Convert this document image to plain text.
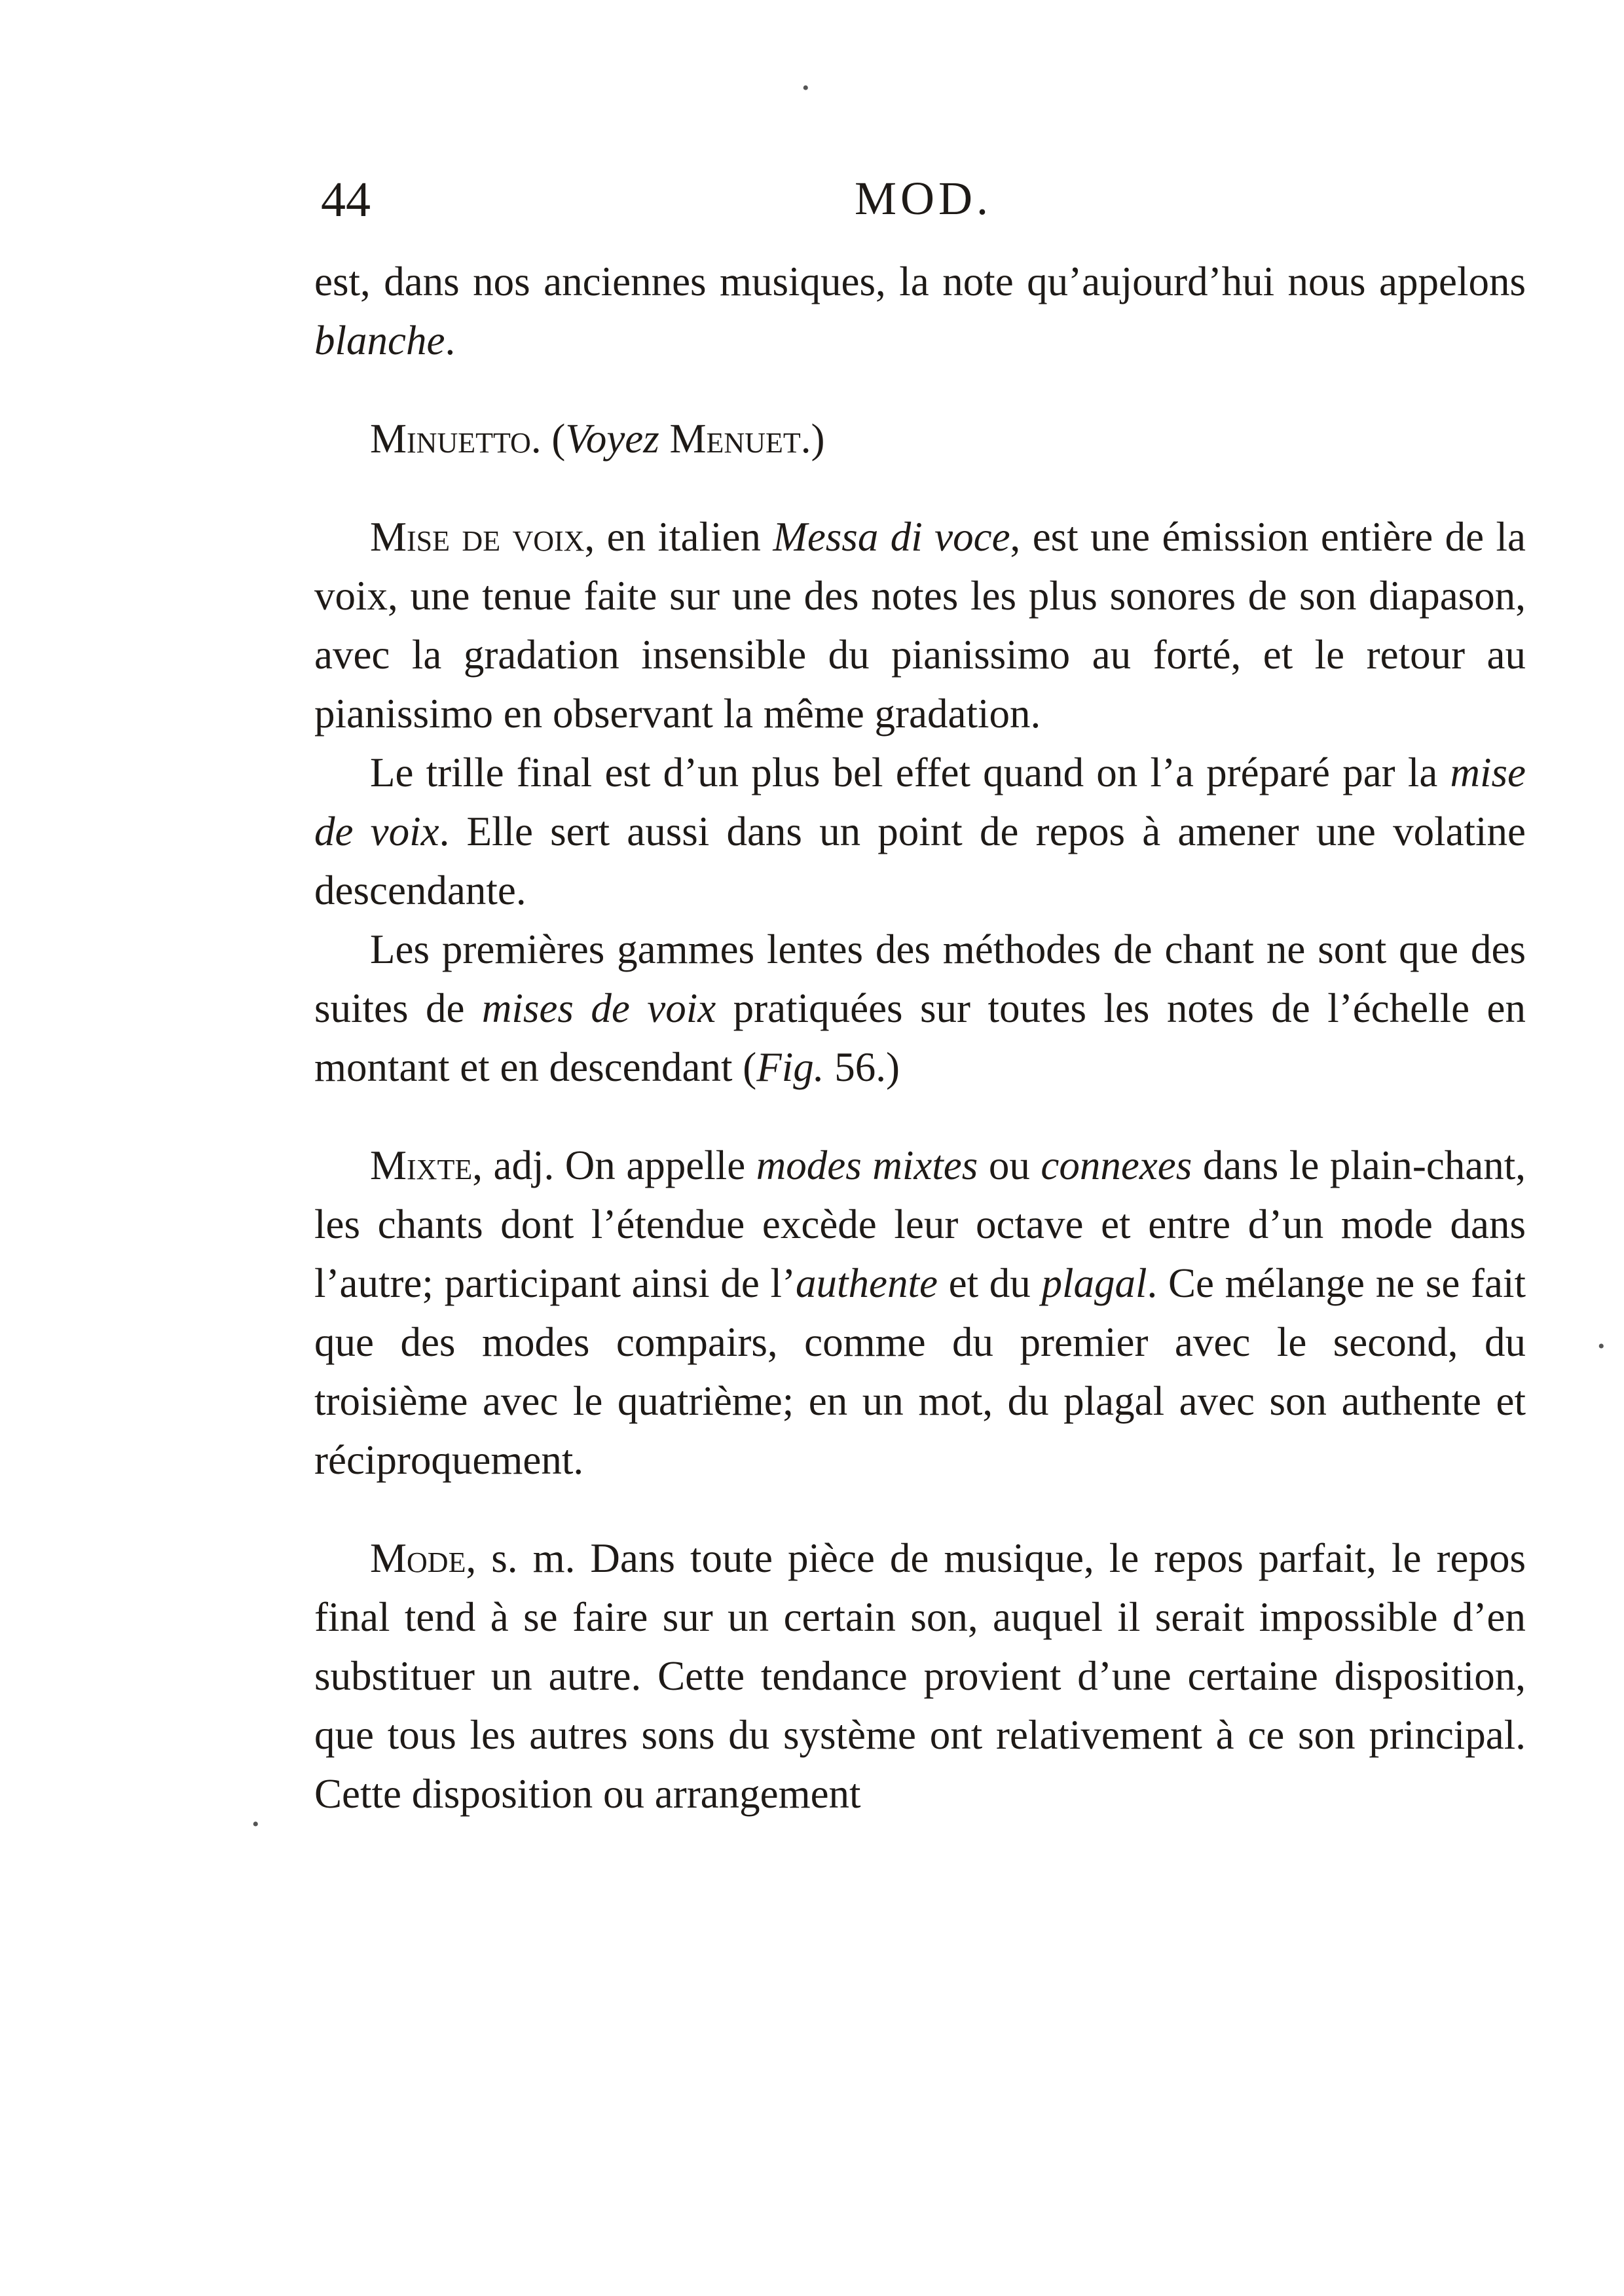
44	MOD.

est, dans nos anciennes musiques, la note qu’aujourd’hui nous appelons blanche.

Minuetto. (Voyez Menuet.)

Mise de voix, en italien Messa di voce, est une émission entière de la voix, une tenue faite sur une des notes les plus sonores de son diapason, avec la gradation insensible du pianissimo au forté, et le retour au pianissimo en observant la même gradation.

Le trille final est d’un plus bel effet quand on l’a préparé par la mise de voix. Elle sert aussi dans un point de repos à amener une volatine descendante.

Les premières gammes lentes des méthodes de chant ne sont que des suites de mises de voix pratiquées sur toutes les notes de l’échelle en montant et en descendant (Fig. 56.)

Mixte, adj. On appelle modes mixtes ou connexes dans le plain-chant, les chants dont l’étendue excède leur octave et entre d’un mode dans l’autre; participant ainsi de l’authente et du plagal. Ce mélange ne se fait que des modes compairs, comme du premier avec le second, du troisième avec le quatrième; en un mot, du plagal avec son authente et réciproquement.

Mode, s. m. Dans toute pièce de musique, le repos parfait, le repos final tend à se faire sur un certain son, auquel il serait impossible d’en substituer un autre. Cette tendance provient d’une certaine disposition, que tous les autres sons du système ont relativement à ce son principal. Cette disposition ou arrangement

•
•
•
